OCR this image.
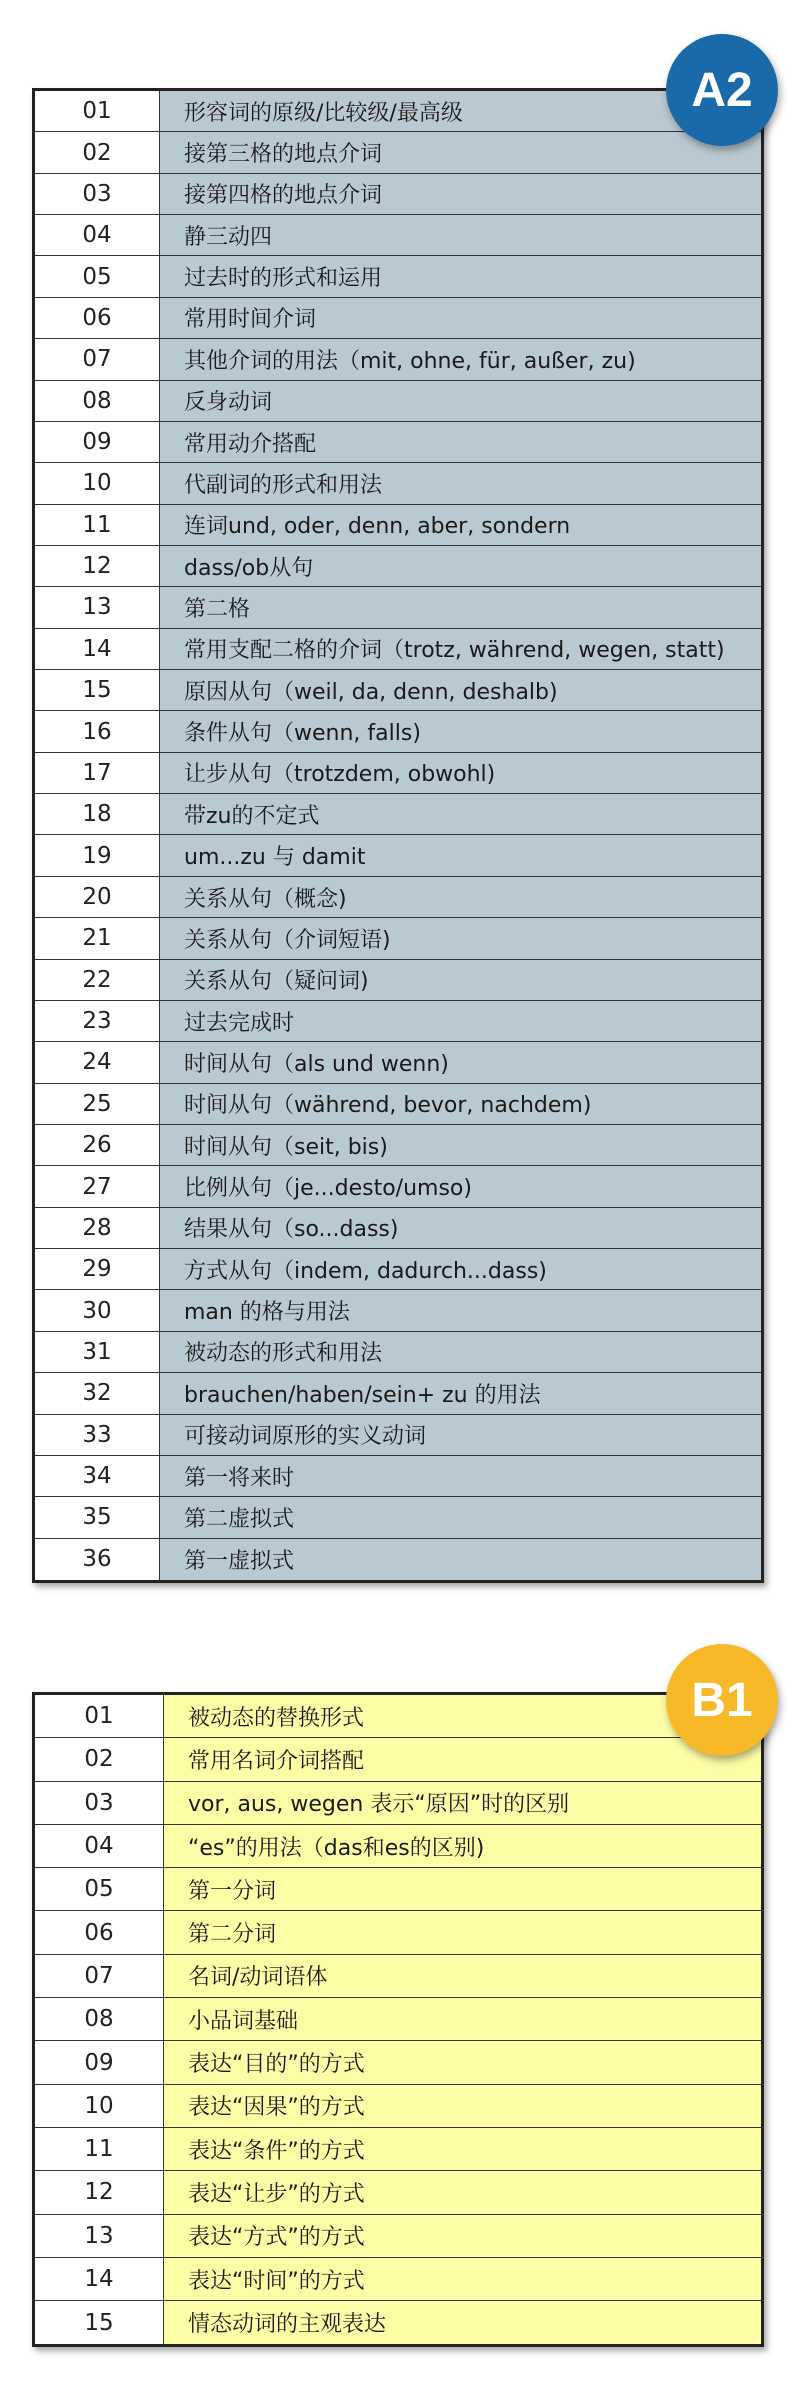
01	形容词的原级/比较级/最高级
02	接第三格的地点介词
03	接第四格的地点介词
04	静三动四
05	过去时的形式和运用
06	常用时间介词
07	其他介词的用法（mit, ohne, für, außer, zu)
08	反身动词
09	常用动介搭配
10	代副词的形式和用法
11	连词und, oder, denn, aber, sondern
12	dass/ob从句
13	第二格
14	常用支配二格的介词（trotz, während, wegen, statt)
15	原因从句（weil, da, denn, deshalb)
16	条件从句（wenn, falls)
17	让步从句（trotzdem, obwohl)
18	带zu的不定式
19	um...zu 与 damit
20	关系从句（概念)
21	关系从句（介词短语)
22	关系从句（疑问词)
23	过去完成时
24	时间从句（als und wenn)
25	时间从句（während, bevor, nachdem)
26	时间从句（seit, bis)
27	比例从句（je...desto/umso)
28	结果从句（so...dass)
29	方式从句（indem, dadurch...dass)
30	man 的格与用法
31	被动态的形式和用法
32	brauchen/haben/sein+ zu 的用法
33	可接动词原形的实义动词
34	第一将来时
35	第二虚拟式
36	第一虚拟式
A2
01	被动态的替换形式
02	常用名词介词搭配
03	vor, aus, wegen 表示“原因”时的区别
04	“es”的用法（das和es的区别)
05	第一分词
06	第二分词
07	名词/动词语体
08	小品词基础
09	表达“目的”的方式
10	表达“因果”的方式
11	表达“条件”的方式
12	表达“让步”的方式
13	表达“方式”的方式
14	表达“时间”的方式
15	情态动词的主观表达
B1
